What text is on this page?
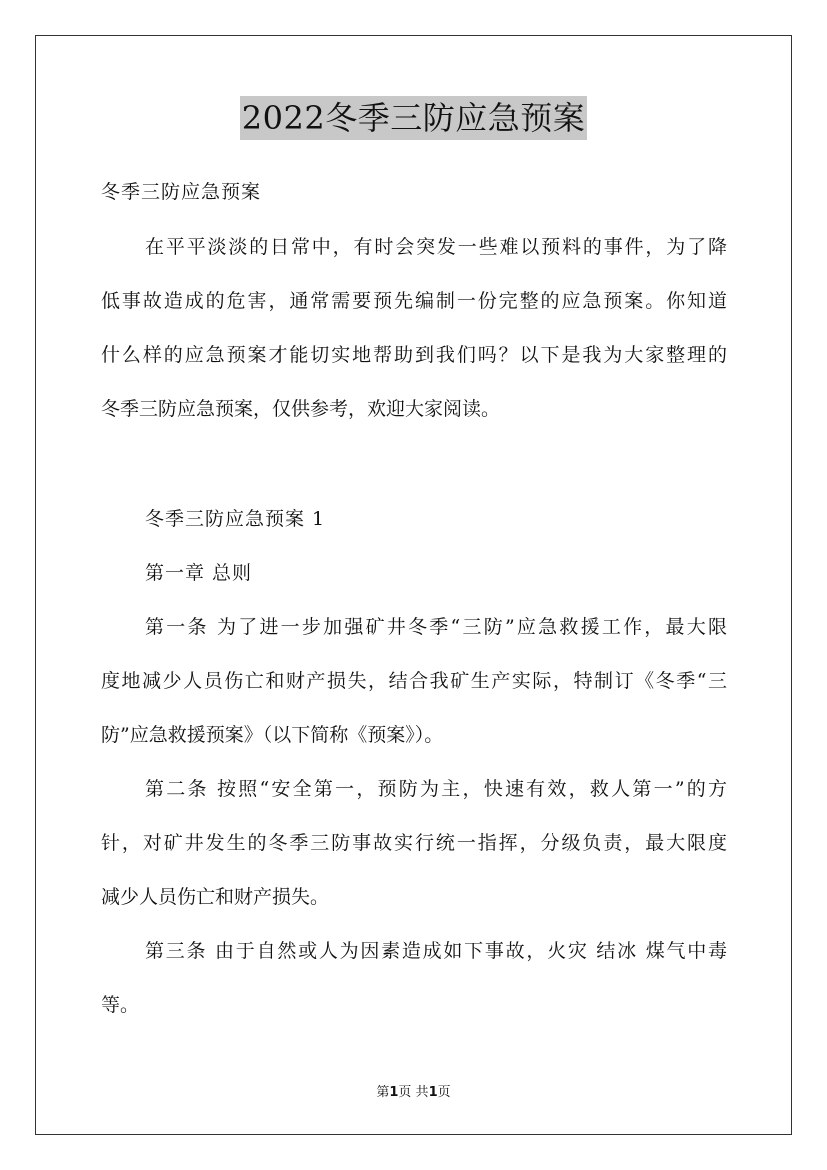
2022冬季三防应急预案
冬季三防应急预案
在平平淡淡的日常中，有时会突发一些难以预料的事件，为了降
低事故造成的危害，通常需要预先编制一份完整的应急预案。你知道
什么样的应急预案才能切实地帮助到我们吗？以下是我为大家整理的
冬季三防应急预案，仅供参考，欢迎大家阅读。
冬季三防应急预案 1
第一章 总则
第一条 为了进一步加强矿井冬季“三防”应急救援工作，最大限
度地减少人员伤亡和财产损失，结合我矿生产实际，特制订《冬季“三
防”应急救援预案》（以下简称《预案》）。
第二条 按照“安全第一，预防为主，快速有效，救人第一”的方
针，对矿井发生的冬季三防事故实行统一指挥，分级负责，最大限度
减少人员伤亡和财产损失。
第三条 由于自然或人为因素造成如下事故，火灾 结冰 煤气中毒
等。
第1页 共1页
